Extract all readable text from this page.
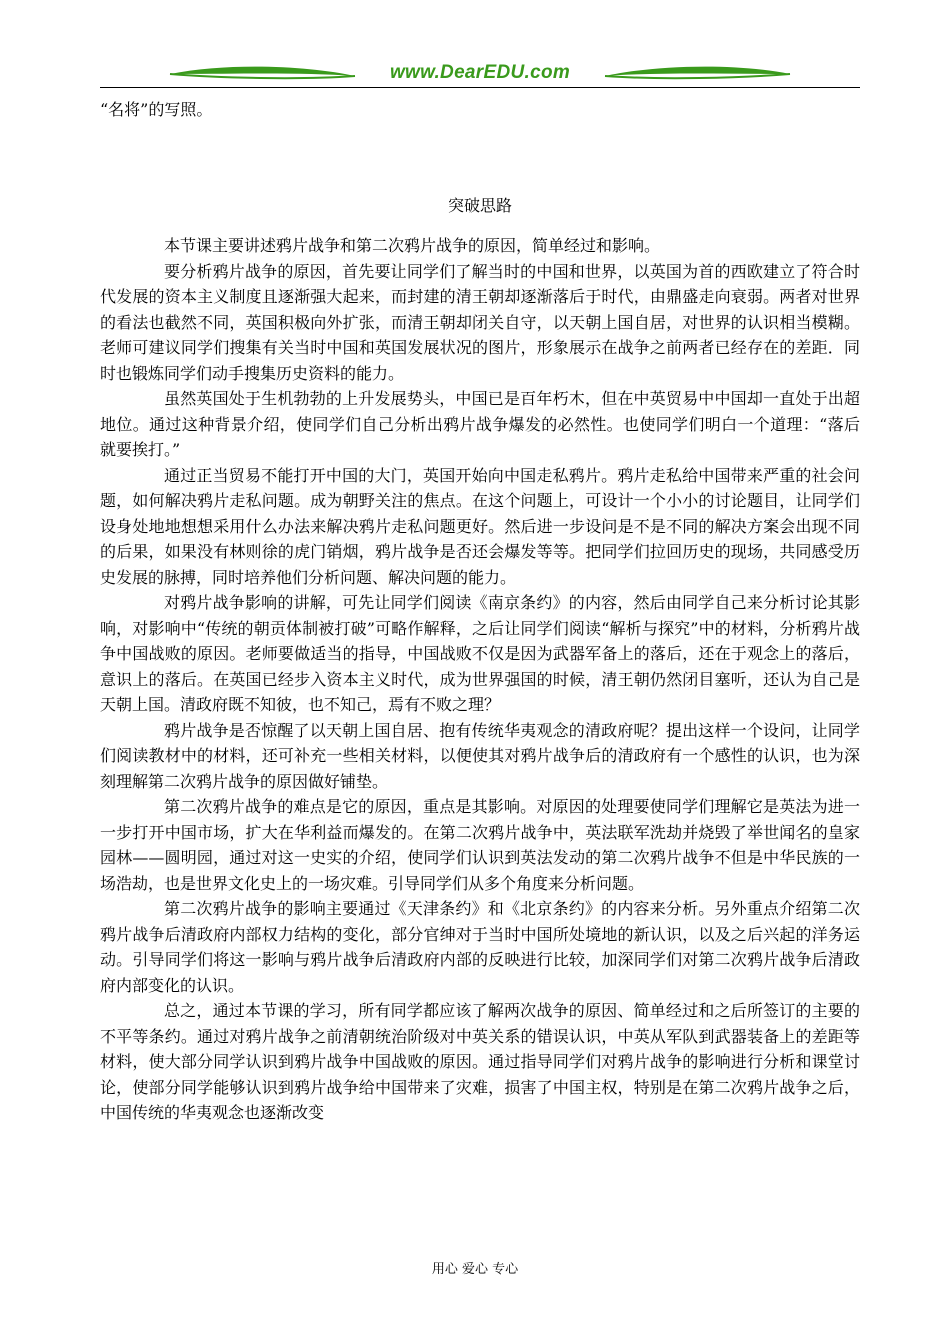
www.DearEDU.com

“名将”的写照。

突破思路

本节课主要讲述鸦片战争和第二次鸦片战争的原因，简单经过和影响。

要分析鸦片战争的原因，首先要让同学们了解当时的中国和世界，以英国为首的西欧建立了符合时代发展的资本主义制度且逐渐强大起来，而封建的清王朝却逐渐落后于时代，由鼎盛走向衰弱。两者对世界的看法也截然不同，英国积极向外扩张，而清王朝却闭关自守，以天朝上国自居，对世界的认识相当模糊。老师可建议同学们搜集有关当时中国和英国发展状况的图片，形象展示在战争之前两者已经存在的差距．同时也锻炼同学们动手搜集历史资料的能力。

虽然英国处于生机勃勃的上升发展势头，中国已是百年朽木，但在中英贸易中中国却一直处于出超地位。通过这种背景介绍，使同学们自己分析出鸦片战争爆发的必然性。也使同学们明白一个道理：“落后就要挨打。”

通过正当贸易不能打开中国的大门，英国开始向中国走私鸦片。鸦片走私给中国带来严重的社会问题，如何解决鸦片走私问题。成为朝野关注的焦点。在这个问题上，可设计一个小小的讨论题目，让同学们设身处地地想想采用什么办法来解决鸦片走私问题更好。然后进一步设问是不是不同的解决方案会出现不同的后果，如果没有林则徐的虎门销烟，鸦片战争是否还会爆发等等。把同学们拉回历史的现场，共同感受历史发展的脉搏，同时培养他们分析问题、解决问题的能力。

对鸦片战争影响的讲解，可先让同学们阅读《南京条约》的内容，然后由同学自己来分析讨论其影响，对影响中“传统的朝贡体制被打破”可略作解释，之后让同学们阅读“解析与探究”中的材料，分析鸦片战争中国战败的原因。老师要做适当的指导，中国战败不仅是因为武器军备上的落后，还在于观念上的落后，意识上的落后。在英国已经步入资本主义时代，成为世界强国的时候，清王朝仍然闭目塞听，还认为自己是天朝上国。清政府既不知彼，也不知己，焉有不败之理？

鸦片战争是否惊醒了以天朝上国自居、抱有传统华夷观念的清政府呢？提出这样一个设问，让同学们阅读教材中的材料，还可补充一些相关材料，以便使其对鸦片战争后的清政府有一个感性的认识，也为深刻理解第二次鸦片战争的原因做好铺垫。

第二次鸦片战争的难点是它的原因，重点是其影响。对原因的处理要使同学们理解它是英法为进一一步打开中国市场，扩大在华利益而爆发的。在第二次鸦片战争中，英法联军洗劫并烧毁了举世闻名的皇家园林——圆明园，通过对这一史实的介绍，使同学们认识到英法发动的第二次鸦片战争不但是中华民族的一场浩劫，也是世界文化史上的一场灾难。引导同学们从多个角度来分析问题。

第二次鸦片战争的影响主要通过《天津条约》和《北京条约》的内容来分析。另外重点介绍第二次鸦片战争后清政府内部权力结构的变化，部分官绅对于当时中国所处境地的新认识，以及之后兴起的洋务运动。引导同学们将这一影响与鸦片战争后清政府内部的反映进行比较，加深同学们对第二次鸦片战争后清政府内部变化的认识。

总之，通过本节课的学习，所有同学都应该了解两次战争的原因、简单经过和之后所签订的主要的不平等条约。通过对鸦片战争之前清朝统治阶级对中英关系的错误认识，中英从军队到武器装备上的差距等材料，使大部分同学认识到鸦片战争中国战败的原因。通过指导同学们对鸦片战争的影响进行分析和课堂讨论，使部分同学能够认识到鸦片战争给中国带来了灾难，损害了中国主权，特别是在第二次鸦片战争之后，中国传统的华夷观念也逐渐改变

用心 爱心 专心
